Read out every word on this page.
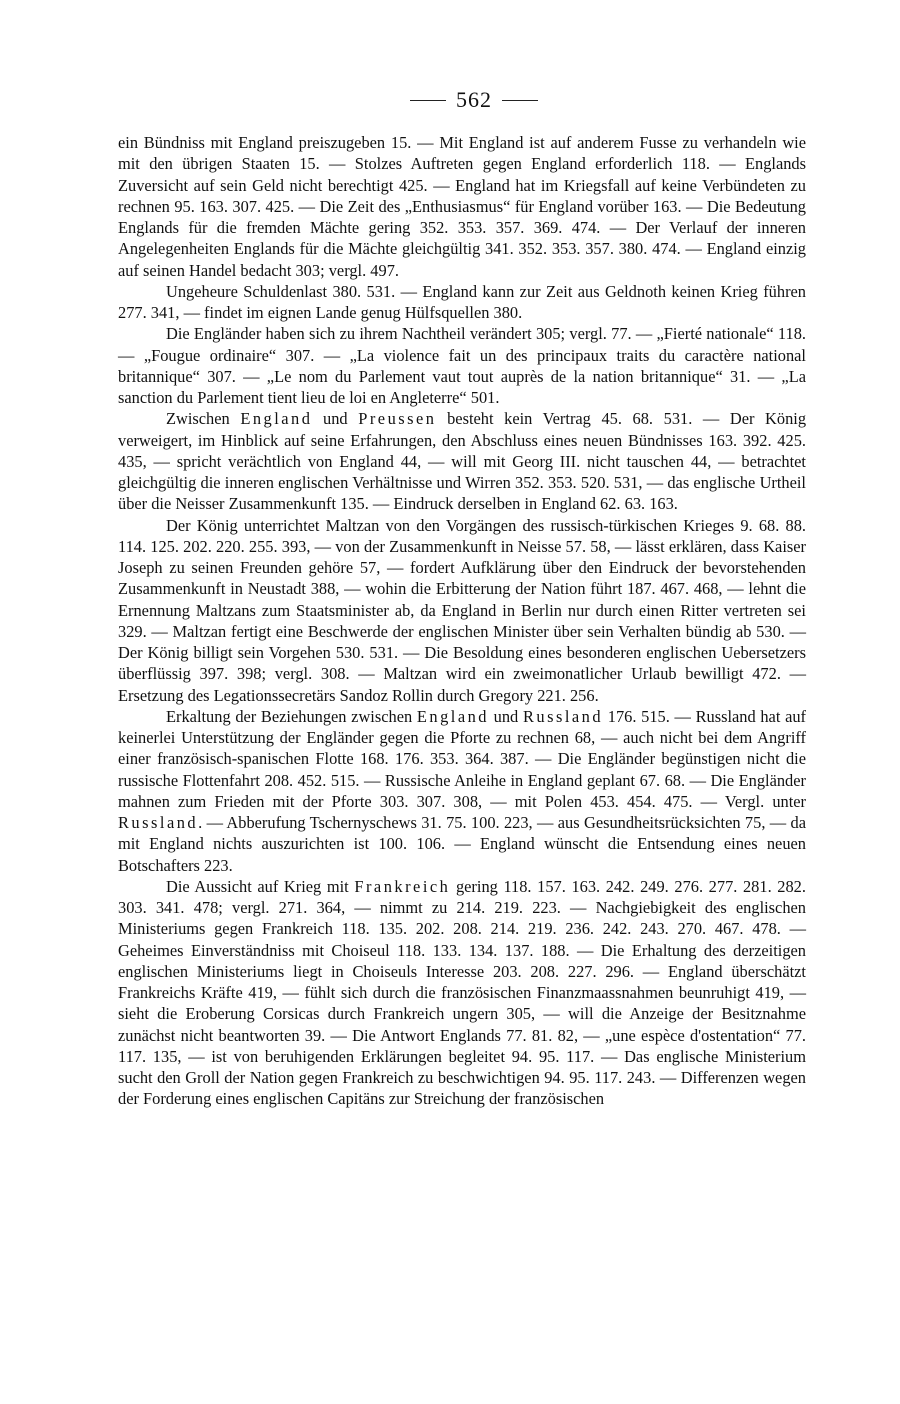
562

ein Bündniss mit England preiszugeben 15. — Mit England ist auf anderem Fusse zu verhandeln wie mit den übrigen Staaten 15. — Stolzes Auftreten gegen England erforderlich 118. — Englands Zuversicht auf sein Geld nicht berechtigt 425. — England hat im Kriegsfall auf keine Verbündeten zu rechnen 95. 163. 307. 425. — Die Zeit des „Enthusiasmus“ für England vorüber 163. — Die Bedeutung Englands für die fremden Mächte gering 352. 353. 357. 369. 474. — Der Verlauf der inneren Angelegenheiten Englands für die Mächte gleichgültig 341. 352. 353. 357. 380. 474. — England einzig auf seinen Handel bedacht 303; vergl. 497.

Ungeheure Schuldenlast 380. 531. — England kann zur Zeit aus Geldnoth keinen Krieg führen 277. 341, — findet im eignen Lande genug Hülfsquellen 380.

Die Engländer haben sich zu ihrem Nachtheil verändert 305; vergl. 77. — „Fierté nationale“ 118. — „Fougue ordinaire“ 307. — „La violence fait un des principaux traits du caractère national britannique“ 307. — „Le nom du Parlement vaut tout auprès de la nation britannique“ 31. — „La sanction du Parlement tient lieu de loi en Angleterre“ 501.

Zwischen England und Preussen besteht kein Vertrag 45. 68. 531. — Der König verweigert, im Hinblick auf seine Erfahrungen, den Abschluss eines neuen Bündnisses 163. 392. 425. 435, — spricht verächtlich von England 44, — will mit Georg III. nicht tauschen 44, — betrachtet gleichgültig die inneren englischen Verhältnisse und Wirren 352. 353. 520. 531, — das englische Urtheil über die Neisser Zusammenkunft 135. — Eindruck derselben in England 62. 63. 163.

Der König unterrichtet Maltzan von den Vorgängen des russisch-türkischen Krieges 9. 68. 88. 114. 125. 202. 220. 255. 393, — von der Zusammenkunft in Neisse 57. 58, — lässt erklären, dass Kaiser Joseph zu seinen Freunden gehöre 57, — fordert Aufklärung über den Eindruck der bevorstehenden Zusammenkunft in Neustadt 388, — wohin die Erbitterung der Nation führt 187. 467. 468, — lehnt die Ernennung Maltzans zum Staatsminister ab, da England in Berlin nur durch einen Ritter vertreten sei 329. — Maltzan fertigt eine Beschwerde der englischen Minister über sein Verhalten bündig ab 530. — Der König billigt sein Vorgehen 530. 531. — Die Besoldung eines besonderen englischen Uebersetzers überflüssig 397. 398; vergl. 308. — Maltzan wird ein zweimonatlicher Urlaub bewilligt 472. — Ersetzung des Legationssecretärs Sandoz Rollin durch Gregory 221. 256.

Erkaltung der Beziehungen zwischen England und Russland 176. 515. — Russland hat auf keinerlei Unterstützung der Engländer gegen die Pforte zu rechnen 68, — auch nicht bei dem Angriff einer französisch-spanischen Flotte 168. 176. 353. 364. 387. — Die Engländer begünstigen nicht die russische Flottenfahrt 208. 452. 515. — Russische Anleihe in England geplant 67. 68. — Die Engländer mahnen zum Frieden mit der Pforte 303. 307. 308, — mit Polen 453. 454. 475. — Vergl. unter Russland. — Abberufung Tschernyschews 31. 75. 100. 223, — aus Gesundheitsrücksichten 75, — da mit England nichts auszurichten ist 100. 106. — England wünscht die Entsendung eines neuen Botschafters 223.

Die Aussicht auf Krieg mit Frankreich gering 118. 157. 163. 242. 249. 276. 277. 281. 282. 303. 341. 478; vergl. 271. 364, — nimmt zu 214. 219. 223. — Nachgiebigkeit des englischen Ministeriums gegen Frankreich 118. 135. 202. 208. 214. 219. 236. 242. 243. 270. 467. 478. — Geheimes Einverständniss mit Choiseul 118. 133. 134. 137. 188. — Die Erhaltung des derzeitigen englischen Ministeriums liegt in Choiseuls Interesse 203. 208. 227. 296. — England überschätzt Frankreichs Kräfte 419, — fühlt sich durch die französischen Finanzmaassnahmen beunruhigt 419, — sieht die Eroberung Corsicas durch Frankreich ungern 305, — will die Anzeige der Besitznahme zunächst nicht beantworten 39. — Die Antwort Englands 77. 81. 82, — „une espèce d'ostentation“ 77. 117. 135, — ist von beruhigenden Erklärungen begleitet 94. 95. 117. — Das englische Ministerium sucht den Groll der Nation gegen Frankreich zu beschwichtigen 94. 95. 117. 243. — Differenzen wegen der Forderung eines englischen Capitäns zur Streichung der französischen
